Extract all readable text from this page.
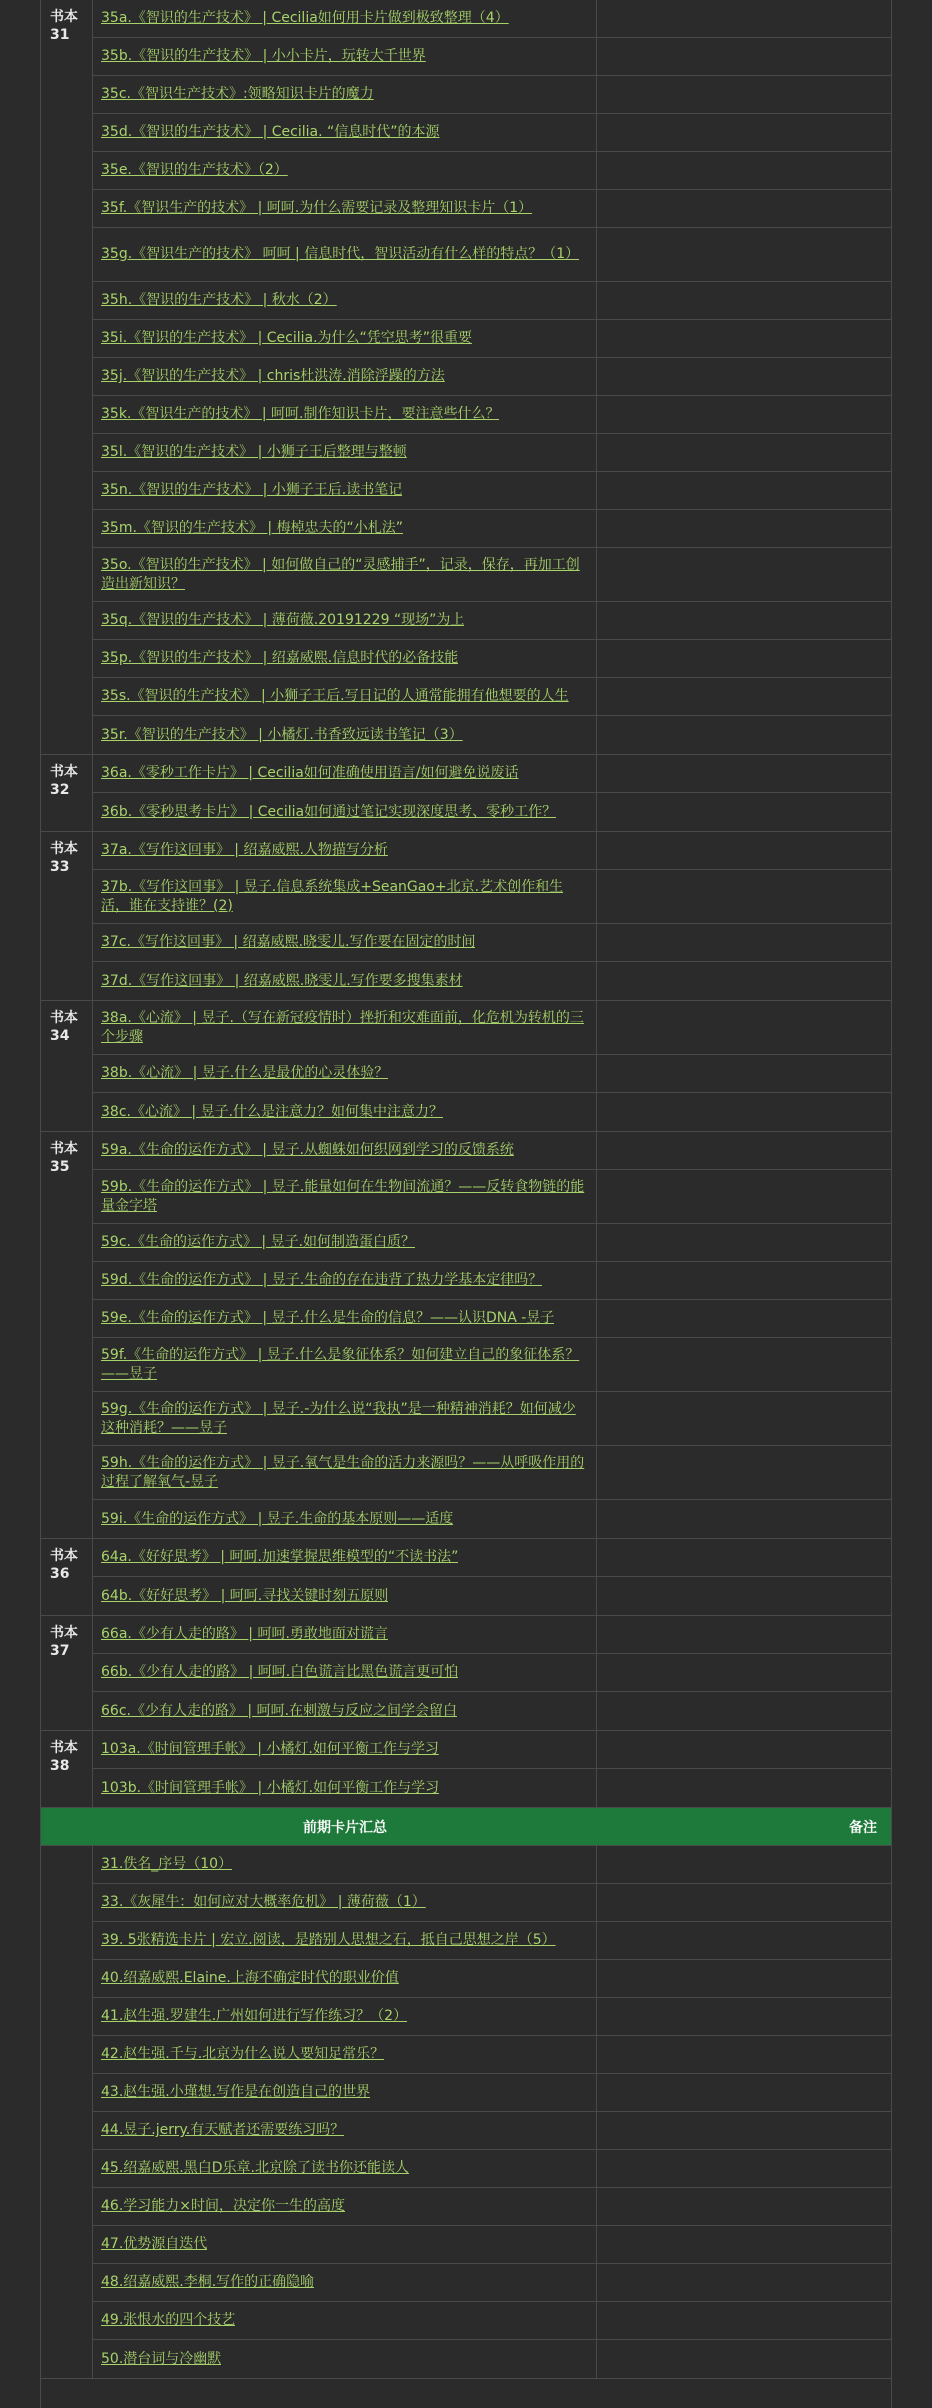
书本
31
35a.《智识的生产技术》 | Cecilia如何用卡片做到极致整理（4）
35b.《智识的生产技术》 | 小小卡片，玩转大千世界
35c.《智识生产技术》:领略知识卡片的魔力
35d.《智识的生产技术》 | Cecilia. “信息时代”的本源
35e.《智识的生产技术》（2）
35f.《智识生产的技术》 | 呵呵.为什么需要记录及整理知识卡片（1）
35g.《智识生产的技术》 呵呵 | 信息时代，智识活动有什么样的特点？（1）
35h.《智识的生产技术》 | 秋水（2）
35i.《智识的生产技术》 | Cecilia.为什么“凭空思考”很重要
35j.《智识的生产技术》 | chris杜洪涛.消除浮躁的方法
35k.《智识生产的技术》 | 呵呵.制作知识卡片，要注意些什么？
35l.《智识的生产技术》 | 小狮子王后整理与整顿
35n.《智识的生产技术》 | 小狮子王后.读书笔记
35m.《智识的生产技术》 | 梅棹忠夫的“小札法”
35o.《智识的生产技术》 | 如何做自己的“灵感捕手”，记录，保存，再加工创造出新知识？
35q.《智识的生产技术》 | 薄荷薇.20191229 “现场”为上
35p.《智识的生产技术》 | 绍嘉威熙.信息时代的必备技能
35s.《智识的生产技术》 | 小狮子王后.写日记的人通常能拥有他想要的人生
35r.《智识的生产技术》 | 小橘灯.书香致远读书笔记（3）
书本
32
36a.《零秒工作卡片》 | Cecilia如何准确使用语言/如何避免说废话
36b.《零秒思考卡片》 | Cecilia如何通过笔记实现深度思考、零秒工作？
书本
33
37a.《写作这回事》 | 绍嘉威熙.人物描写分析
37b.《写作这回事》 | 昱子.信息系统集成+SeanGao+北京.艺术创作和生活，谁在支持谁？(2)
37c.《写作这回事》 | 绍嘉威熙.晓雯儿.写作要在固定的时间
37d.《写作这回事》 | 绍嘉威熙.晓雯儿.写作要多搜集素材
书本
34
38a.《心流》 | 昱子.（写在新冠疫情时）挫折和灾难面前，化危机为转机的三个步骤
38b.《心流》 | 昱子.什么是最优的心灵体验？
38c.《心流》 | 昱子.什么是注意力？如何集中注意力？
书本
35
59a.《生命的运作方式》 | 昱子.从蜘蛛如何织网到学习的反馈系统
59b.《生命的运作方式》 | 昱子.能量如何在生物间流通？——反转食物链的能量金字塔
59c.《生命的运作方式》 | 昱子.如何制造蛋白质？
59d.《生命的运作方式》 | 昱子.生命的存在违背了热力学基本定律吗？
59e.《生命的运作方式》 | 昱子.什么是生命的信息？——认识DNA -昱子
59f.《生命的运作方式》 | 昱子.什么是象征体系？如何建立自己的象征体系？——昱子
59g.《生命的运作方式》 | 昱子.-为什么说“我执”是一种精神消耗？如何减少这种消耗？——昱子
59h.《生命的运作方式》 | 昱子.氧气是生命的活力来源吗？——从呼吸作用的过程了解氧气-昱子
59i.《生命的运作方式》 | 昱子.生命的基本原则——适度
书本
36
64a.《好好思考》 | 呵呵.加速掌握思维模型的“不读书法”
64b.《好好思考》 | 呵呵.寻找关键时刻五原则
书本
37
66a.《少有人走的路》 | 呵呵.勇敢地面对谎言
66b.《少有人走的路》 | 呵呵.白色谎言比黑色谎言更可怕
66c.《少有人走的路》 | 呵呵.在刺激与反应之间学会留白
书本
38
103a.《时间管理手帐》 | 小橘灯.如何平衡工作与学习
103b.《时间管理手帐》 | 小橘灯.如何平衡工作与学习
前期卡片汇总	备注
31.佚名_序号（10）
33.《灰犀牛：如何应对大概率危机》 | 薄荷薇（1）
39. 5张精选卡片 | 宏立.阅读，是踏别人思想之石，抵自己思想之岸（5）
40.绍嘉威熙.Elaine.上海不确定时代的职业价值
41.赵生强.罗建生.广州如何进行写作练习？（2）
42.赵生强.千与.北京为什么说人要知足常乐？
43.赵生强.小瑾想.写作是在创造自己的世界
44.昱子.jerry.有天赋者还需要练习吗？
45.绍嘉威熙.黑白D乐章.北京除了读书你还能读人
46.学习能力×时间，决定你一生的高度
47.优势源自迭代
48.绍嘉威熙.李桐.写作的正确隐喻
49.张恨水的四个技艺
50.潜台词与冷幽默
